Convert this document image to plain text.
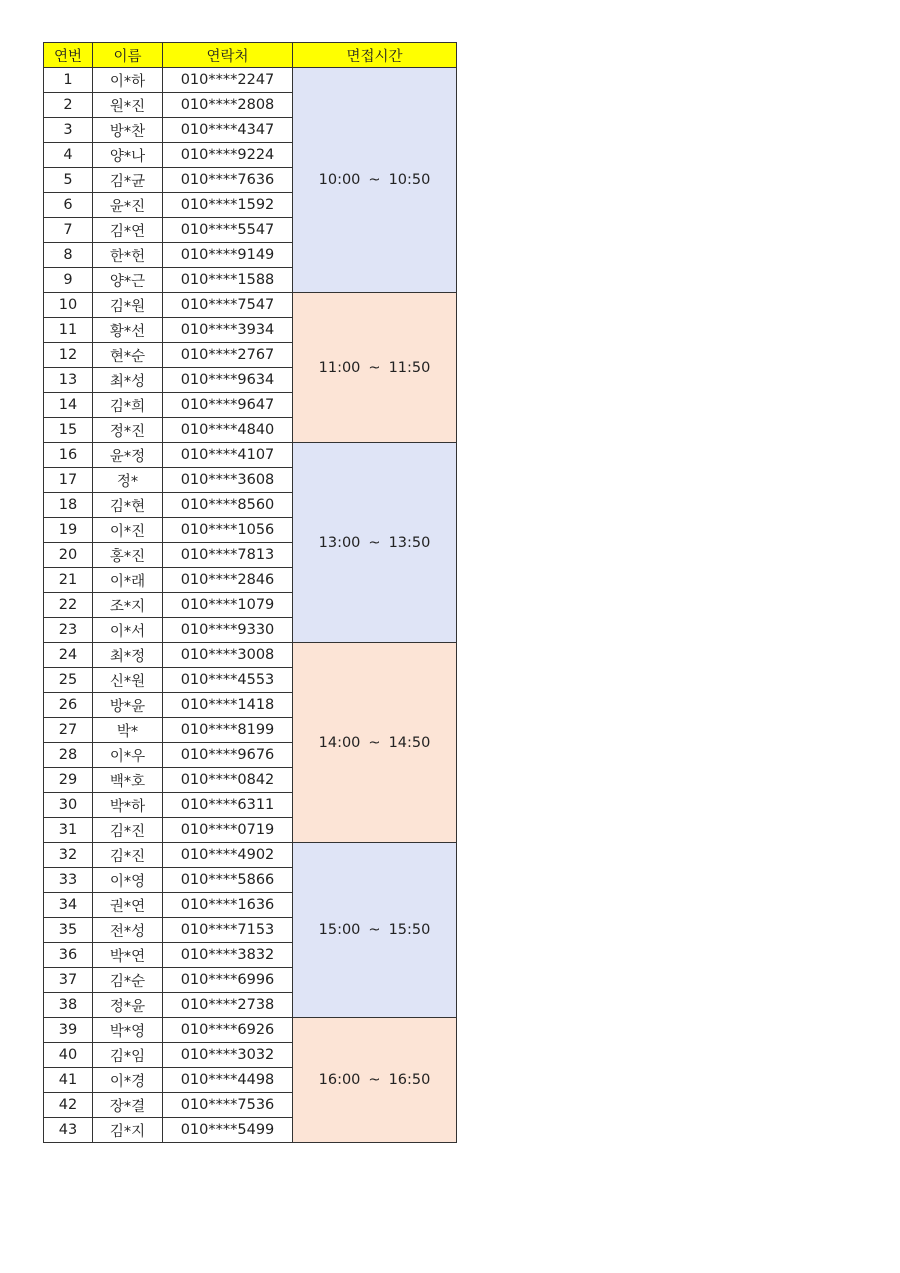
연번	이름	연락처	면접시간
1	이*하	010****2247	10:00 ~ 10:50
2	원*진	010****2808	
3	방*찬	010****4347	
4	양*나	010****9224	
5	김*균	010****7636	
6	윤*진	010****1592	
7	김*연	010****5547	
8	한*헌	010****9149	
9	양*근	010****1588	
10	김*원	010****7547	11:00 ~ 11:50
11	황*선	010****3934	
12	현*순	010****2767	
13	최*성	010****9634	
14	김*희	010****9647	
15	정*진	010****4840	
16	윤*정	010****4107	13:00 ~ 13:50
17	정*	010****3608	
18	김*현	010****8560	
19	이*진	010****1056	
20	홍*진	010****7813	
21	이*래	010****2846	
22	조*지	010****1079	
23	이*서	010****9330	
24	최*정	010****3008	14:00 ~ 14:50
25	신*원	010****4553	
26	방*윤	010****1418	
27	박*	010****8199	
28	이*우	010****9676	
29	백*호	010****0842	
30	박*하	010****6311	
31	김*진	010****0719	
32	김*진	010****4902	15:00 ~ 15:50
33	이*영	010****5866	
34	권*연	010****1636	
35	전*성	010****7153	
36	박*연	010****3832	
37	김*순	010****6996	
38	정*윤	010****2738	
39	박*영	010****6926	16:00 ~ 16:50
40	김*임	010****3032	
41	이*경	010****4498	
42	장*결	010****7536	
43	김*지	010****5499	
